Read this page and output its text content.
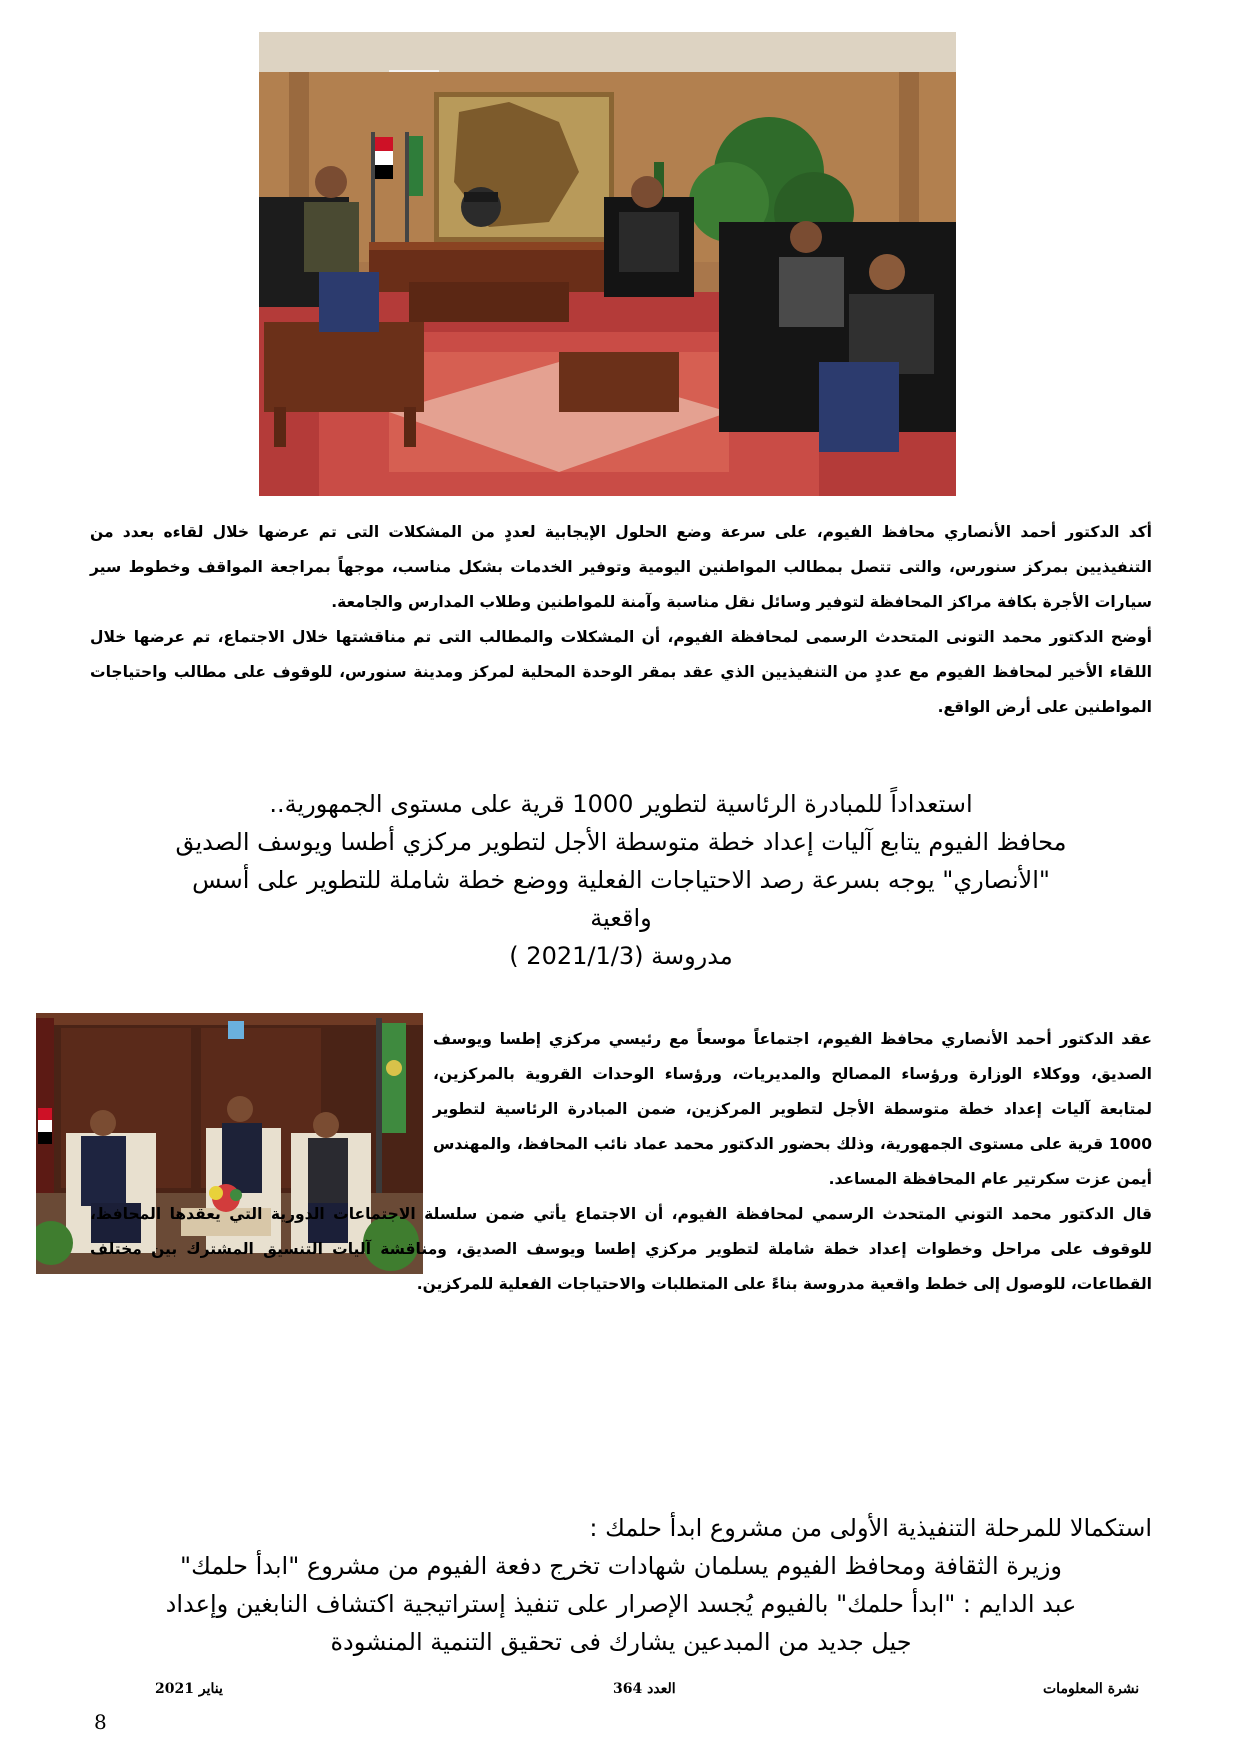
أكد الدكتور أحمد الأنصاري محافظ الفيوم، على سرعة وضع الحلول الإيجابية لعددٍ من المشكلات التى تم عرضها خلال لقاءه بعدد من التنفيذيين بمركز سنورس، والتى تتصل بمطالب المواطنين اليومية وتوفير الخدمات بشكل مناسب، موجهاً بمراجعة المواقف وخطوط سير سيارات الأجرة بكافة مراكز المحافظة لتوفير وسائل نقل مناسبة وآمنة للمواطنين وطلاب المدارس والجامعة.
أوضح الدكتور محمد التونى المتحدث الرسمى لمحافظة الفيوم، أن المشكلات والمطالب التى تم مناقشتها خلال الاجتماع، تم عرضها خلال اللقاء الأخير لمحافظ الفيوم مع عددٍ من التنفيذيين الذي عقد بمقر الوحدة المحلية لمركز ومدينة سنورس، للوقوف على مطالب واحتياجات المواطنين على أرض الواقع.
استعداداً للمبادرة الرئاسية لتطوير 1000 قرية على مستوى الجمهورية..
محافظ الفيوم يتابع آليات إعداد خطة متوسطة الأجل لتطوير مركزي أطسا ويوسف الصديق
"الأنصاري" يوجه بسرعة رصد الاحتياجات الفعلية ووضع خطة شاملة للتطوير على أسس
واقعية
مدروسة (2021/1/3 )
عقد الدكتور أحمد الأنصاري محافظ الفيوم، اجتماعاً موسعاً مع رئيسي مركزي إطسا ويوسف الصديق، ووكلاء الوزارة ورؤساء المصالح والمديريات، ورؤساء الوحدات القروية بالمركزين، لمتابعة آليات إعداد خطة متوسطة الأجل لتطوير المركزين، ضمن المبادرة الرئاسية لتطوير 1000 قرية على مستوى الجمهورية، وذلك بحضور الدكتور محمد عماد نائب المحافظ، والمهندس أيمن عزت سكرتير عام المحافظة المساعد.
قال الدكتور محمد التوني المتحدث الرسمي لمحافظة الفيوم، أن الاجتماع يأتي ضمن سلسلة الاجتماعات الدورية التي يعقدها المحافظ، للوقوف على مراحل وخطوات إعداد خطة شاملة لتطوير مركزي إطسا ويوسف الصديق، ومناقشة آليات التنسيق المشترك بين مختلف القطاعات، للوصول إلى خطط واقعية مدروسة بناءً على المتطلبات والاحتياجات الفعلية للمركزين.
استكمالا للمرحلة التنفيذية الأولى من مشروع ابدأ حلمك :
وزيرة الثقافة ومحافظ الفيوم يسلمان شهادات تخرج دفعة الفيوم من مشروع "ابدأ حلمك"
عبد الدايم : "ابدأ حلمك" بالفيوم يُجسد الإصرار على تنفيذ إستراتيجية اكتشاف النابغين وإعداد
جيل جديد من المبدعين يشارك فى تحقيق التنمية المنشودة
نشرة المعلومات
العدد 364
يناير 2021
8
